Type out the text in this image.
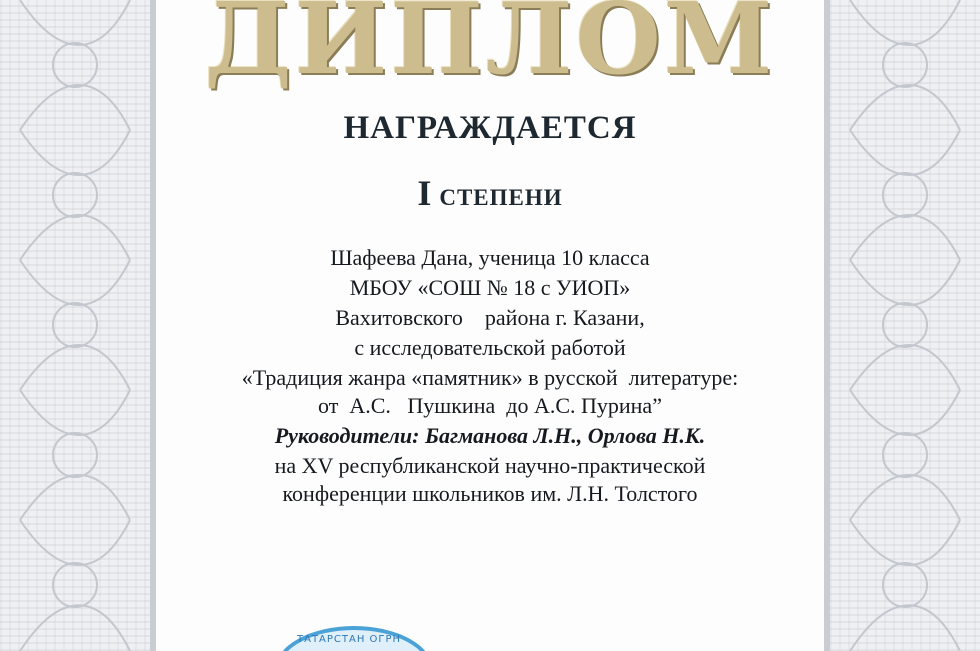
ДИПЛОМ
НАГРАЖДАЕТСЯ
IСТЕПЕНИ
Шафеева Дана, ученица 10 класса
МБОУ «СОШ № 18 с УИОП»
Вахитовского    района г. Казани,
с исследовательской работой
«Традиция жанра «памятник» в русской  литературе:
от  А.С.   Пушкина  до А.С. Пурина”
Руководители: Багманова Л.Н., Орлова Н.К.
на XV республиканской научно-практической
конференции школьников им. Л.Н. Толстого
ТАТАРСТАН ОГРН
